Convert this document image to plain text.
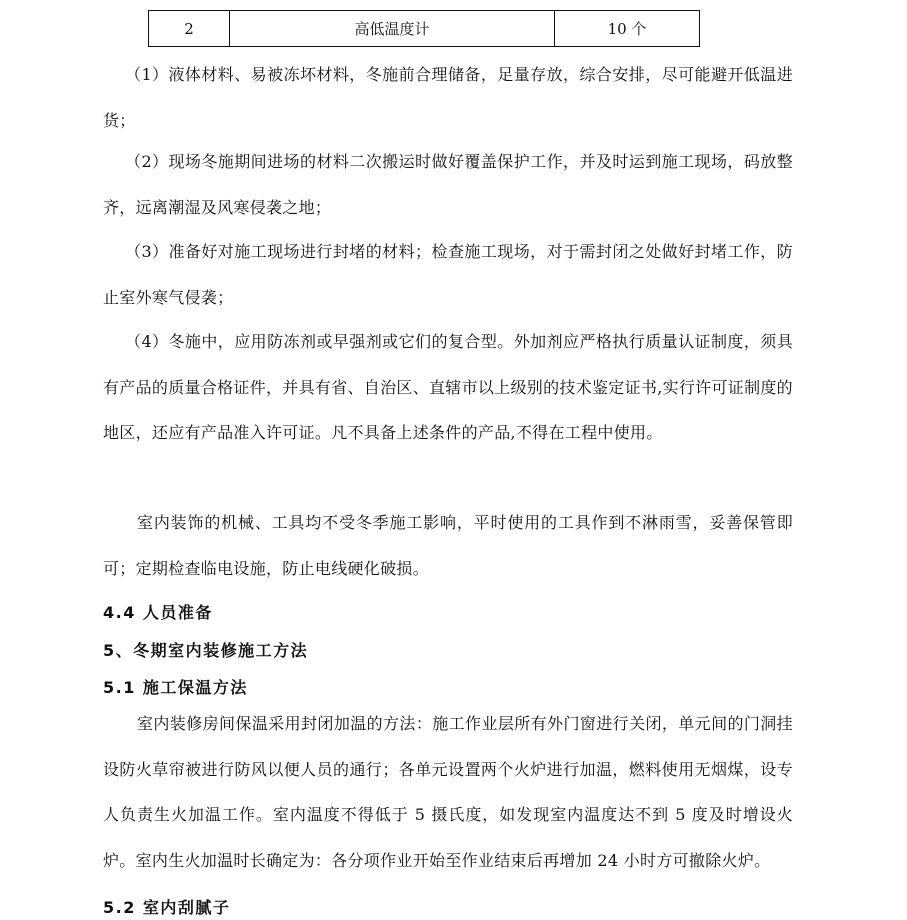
2	高低温度计	10 个

（1）液体材料、易被冻坏材料，冬施前合理储备，足量存放，综合安排，尽可能避开低温进货；

（2）现场冬施期间进场的材料二次搬运时做好覆盖保护工作，并及时运到施工现场，码放整齐，远离潮湿及风寒侵袭之地；

（3）准备好对施工现场进行封堵的材料；检查施工现场，对于需封闭之处做好封堵工作，防止室外寒气侵袭；

（4）冬施中，应用防冻剂或早强剂或它们的复合型。外加剂应严格执行质量认证制度，须具有产品的质量合格证件，并具有省、自治区、直辖市以上级别的技术鉴定证书,实行许可证制度的地区，还应有产品准入许可证。凡不具备上述条件的产品,不得在工程中使用。

室内装饰的机械、工具均不受冬季施工影响，平时使用的工具作到不淋雨雪，妥善保管即可；定期检查临电设施，防止电线硬化破损。

4.4 人员准备
5、冬期室内装修施工方法
5.1 施工保温方法

室内装修房间保温采用封闭加温的方法：施工作业层所有外门窗进行关闭，单元间的门洞挂设防火草帘被进行防风以便人员的通行；各单元设置两个火炉进行加温，燃料使用无烟煤，设专人负责生火加温工作。室内温度不得低于 5 摄氏度，如发现室内温度达不到 5 度及时增设火炉。室内生火加温时长确定为：各分项作业开始至作业结束后再增加 24 小时方可撤除火炉。

5.2 室内刮腻子
